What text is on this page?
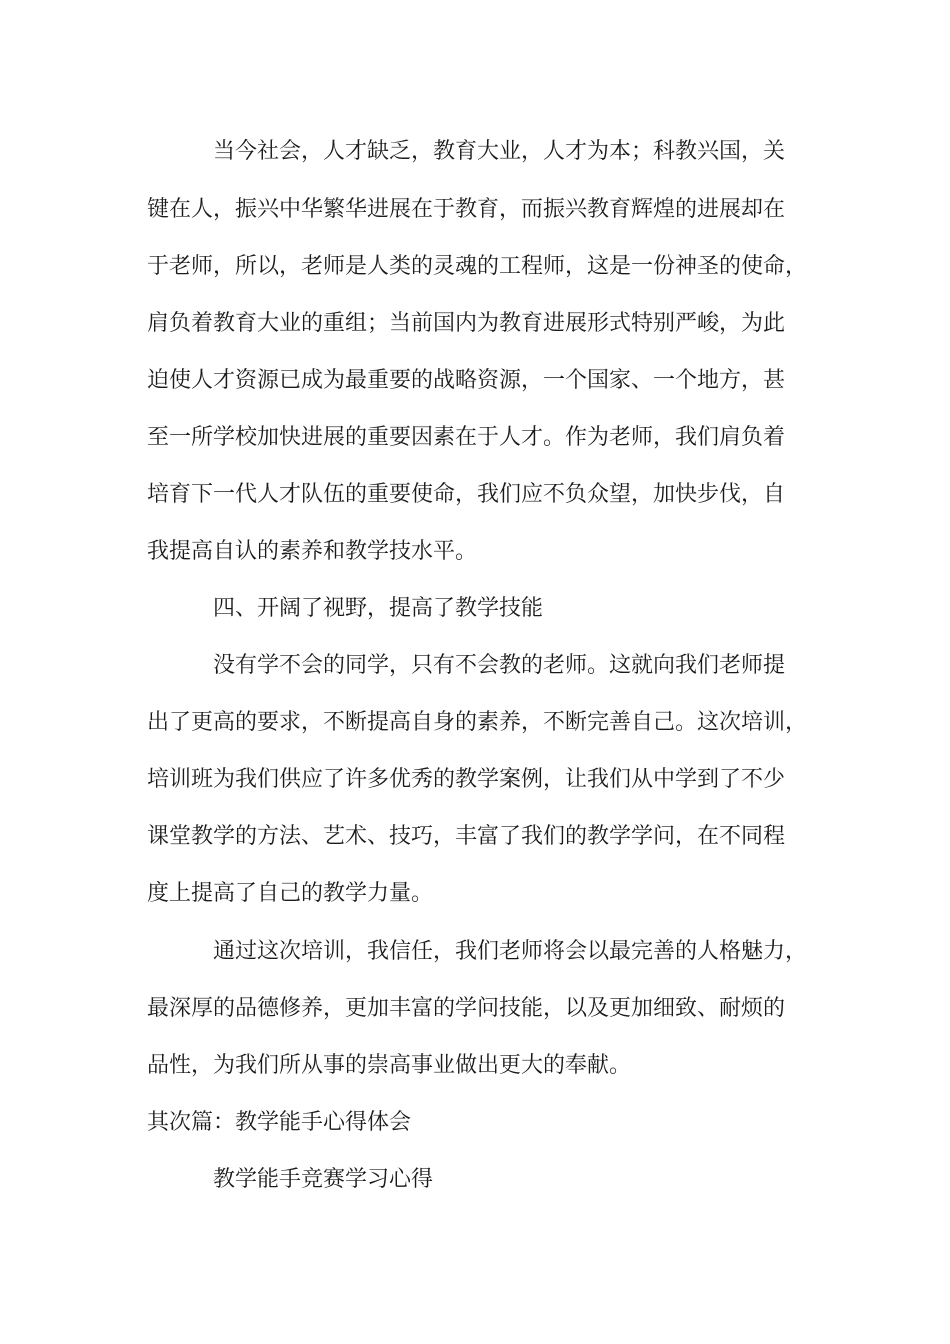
当今社会，人才缺乏，教育大业，人才为本；科教兴国，关
键在人，振兴中华繁华进展在于教育，而振兴教育辉煌的进展却在
于老师，所以，老师是人类的灵魂的工程师，这是一份神圣的使命，
肩负着教育大业的重组；当前国内为教育进展形式特别严峻，为此
迫使人才资源已成为最重要的战略资源，一个国家、一个地方，甚
至一所学校加快进展的重要因素在于人才。作为老师，我们肩负着
培育下一代人才队伍的重要使命，我们应不负众望，加快步伐，自
我提高自认的素养和教学技水平。
四、开阔了视野，提高了教学技能
没有学不会的同学，只有不会教的老师。这就向我们老师提
出了更高的要求，不断提高自身的素养，不断完善自己。这次培训，
培训班为我们供应了许多优秀的教学案例，让我们从中学到了不少
课堂教学的方法、艺术、技巧，丰富了我们的教学学问，在不同程
度上提高了自己的教学力量。
通过这次培训，我信任，我们老师将会以最完善的人格魅力，
最深厚的品德修养，更加丰富的学问技能，以及更加细致、耐烦的
品性，为我们所从事的崇高事业做出更大的奉献。
其次篇：教学能手心得体会
教学能手竞赛学习心得
